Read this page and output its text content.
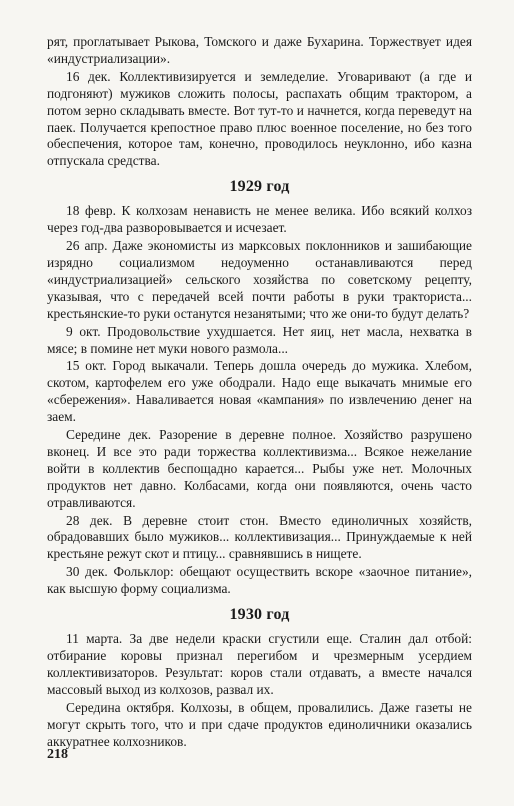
рят, проглатывает Рыкова, Томского и даже Бухарина. Торжествует идея «индустриализации».

16 дек. Коллективизируется и земледелие. Уговаривают (а где и подгоняют) мужиков сложить полосы, распахать общим трактором, а потом зерно складывать вместе. Вот тут-то и начнется, когда переведут на паек. Получается крепостное право плюс военное поселение, но без того обеспечения, которое там, конечно, проводилось неуклонно, ибо казна отпускала средства.

1929 год

18 февр. К колхозам ненависть не менее велика. Ибо всякий колхоз через год-два разворовывается и исчезает.

26 апр. Даже экономисты из марксовых поклонников и зашибающие изрядно социализмом недоуменно останавливаются перед «индустриализацией» сельского хозяйства по советскому рецепту, указывая, что с передачей всей почти работы в руки тракториста... крестьянские-то руки останутся незанятыми; что же они-то будут делать?

9 окт. Продовольствие ухудшается. Нет яиц, нет масла, нехватка в мясе; в помине нет муки нового размола...

15 окт. Город выкачали. Теперь дошла очередь до мужика. Хлебом, скотом, картофелем его уже ободрали. Надо еще выкачать мнимые его «сбережения». Наваливается новая «кампания» по извлечению денег на заем.

Середине дек. Разорение в деревне полное. Хозяйство разрушено вконец. И все это ради торжества коллективизма... Всякое нежелание войти в коллектив беспощадно карается... Рыбы уже нет. Молочных продуктов нет давно. Колбасами, когда они появляются, очень часто отравливаются.

28 дек. В деревне стоит стон. Вместо единоличных хозяйств, обрадовавших было мужиков... коллективизация... Принуждаемые к ней крестьяне режут скот и птицу... сравнявшись в нищете.

30 дек. Фольклор: обещают осуществить вскоре «заочное питание», как высшую форму социализма.

1930 год

11 марта. За две недели краски сгустили еще. Сталин дал отбой: отбирание коровы признал перегибом и чрезмерным усердием коллективизаторов. Результат: коров стали отдавать, а вместе начался массовый выход из колхозов, развал их.

Середина октября. Колхозы, в общем, провалились. Даже газеты не могут скрыть того, что и при сдаче продуктов единоличники оказались аккуратнее колхозников.

218
